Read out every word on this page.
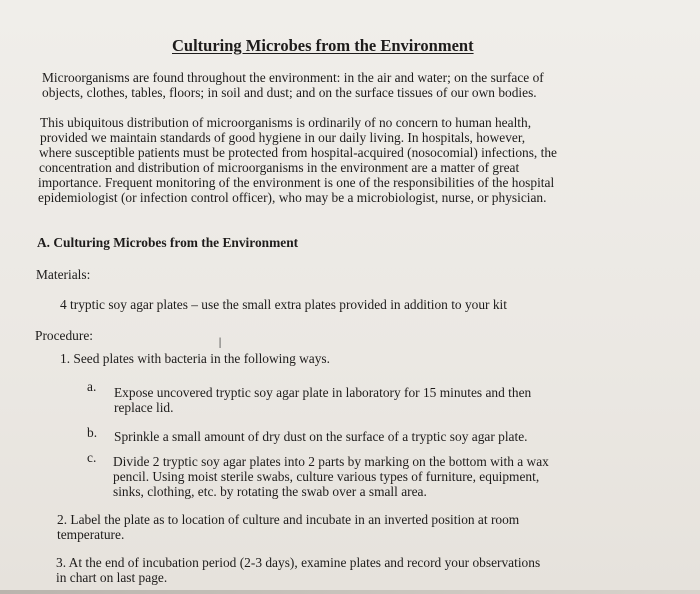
Culturing Microbes from the Environment
Microorganisms are found throughout the environment: in the air and water; on the surface of
objects, clothes, tables, floors; in soil and dust; and on the surface tissues of our own bodies.
This ubiquitous distribution of microorganisms is ordinarily of no concern to human health,
provided we maintain standards of good hygiene in our daily living. In hospitals, however,
where susceptible patients must be protected from hospital-acquired (nosocomial) infections, the
concentration and distribution of microorganisms in the environment are a matter of great
importance. Frequent monitoring of the environment is one of the responsibilities of the hospital
epidemiologist (or infection control officer), who may be a microbiologist, nurse, or physician.
A. Culturing Microbes from the Environment
Materials:
4 tryptic soy agar plates – use the small extra plates provided in addition to your kit
Procedure:
I
1. Seed plates with bacteria in the following ways.
a. Expose uncovered tryptic soy agar plate in laboratory for 15 minutes and then
replace lid.
b. Sprinkle a small amount of dry dust on the surface of a tryptic soy agar plate.
c. Divide 2 tryptic soy agar plates into 2 parts by marking on the bottom with a wax
pencil. Using moist sterile swabs, culture various types of furniture, equipment,
sinks, clothing, etc. by rotating the swab over a small area.
2. Label the plate as to location of culture and incubate in an inverted position at room
temperature.
3. At the end of incubation period (2-3 days), examine plates and record your observations
in chart on last page.
